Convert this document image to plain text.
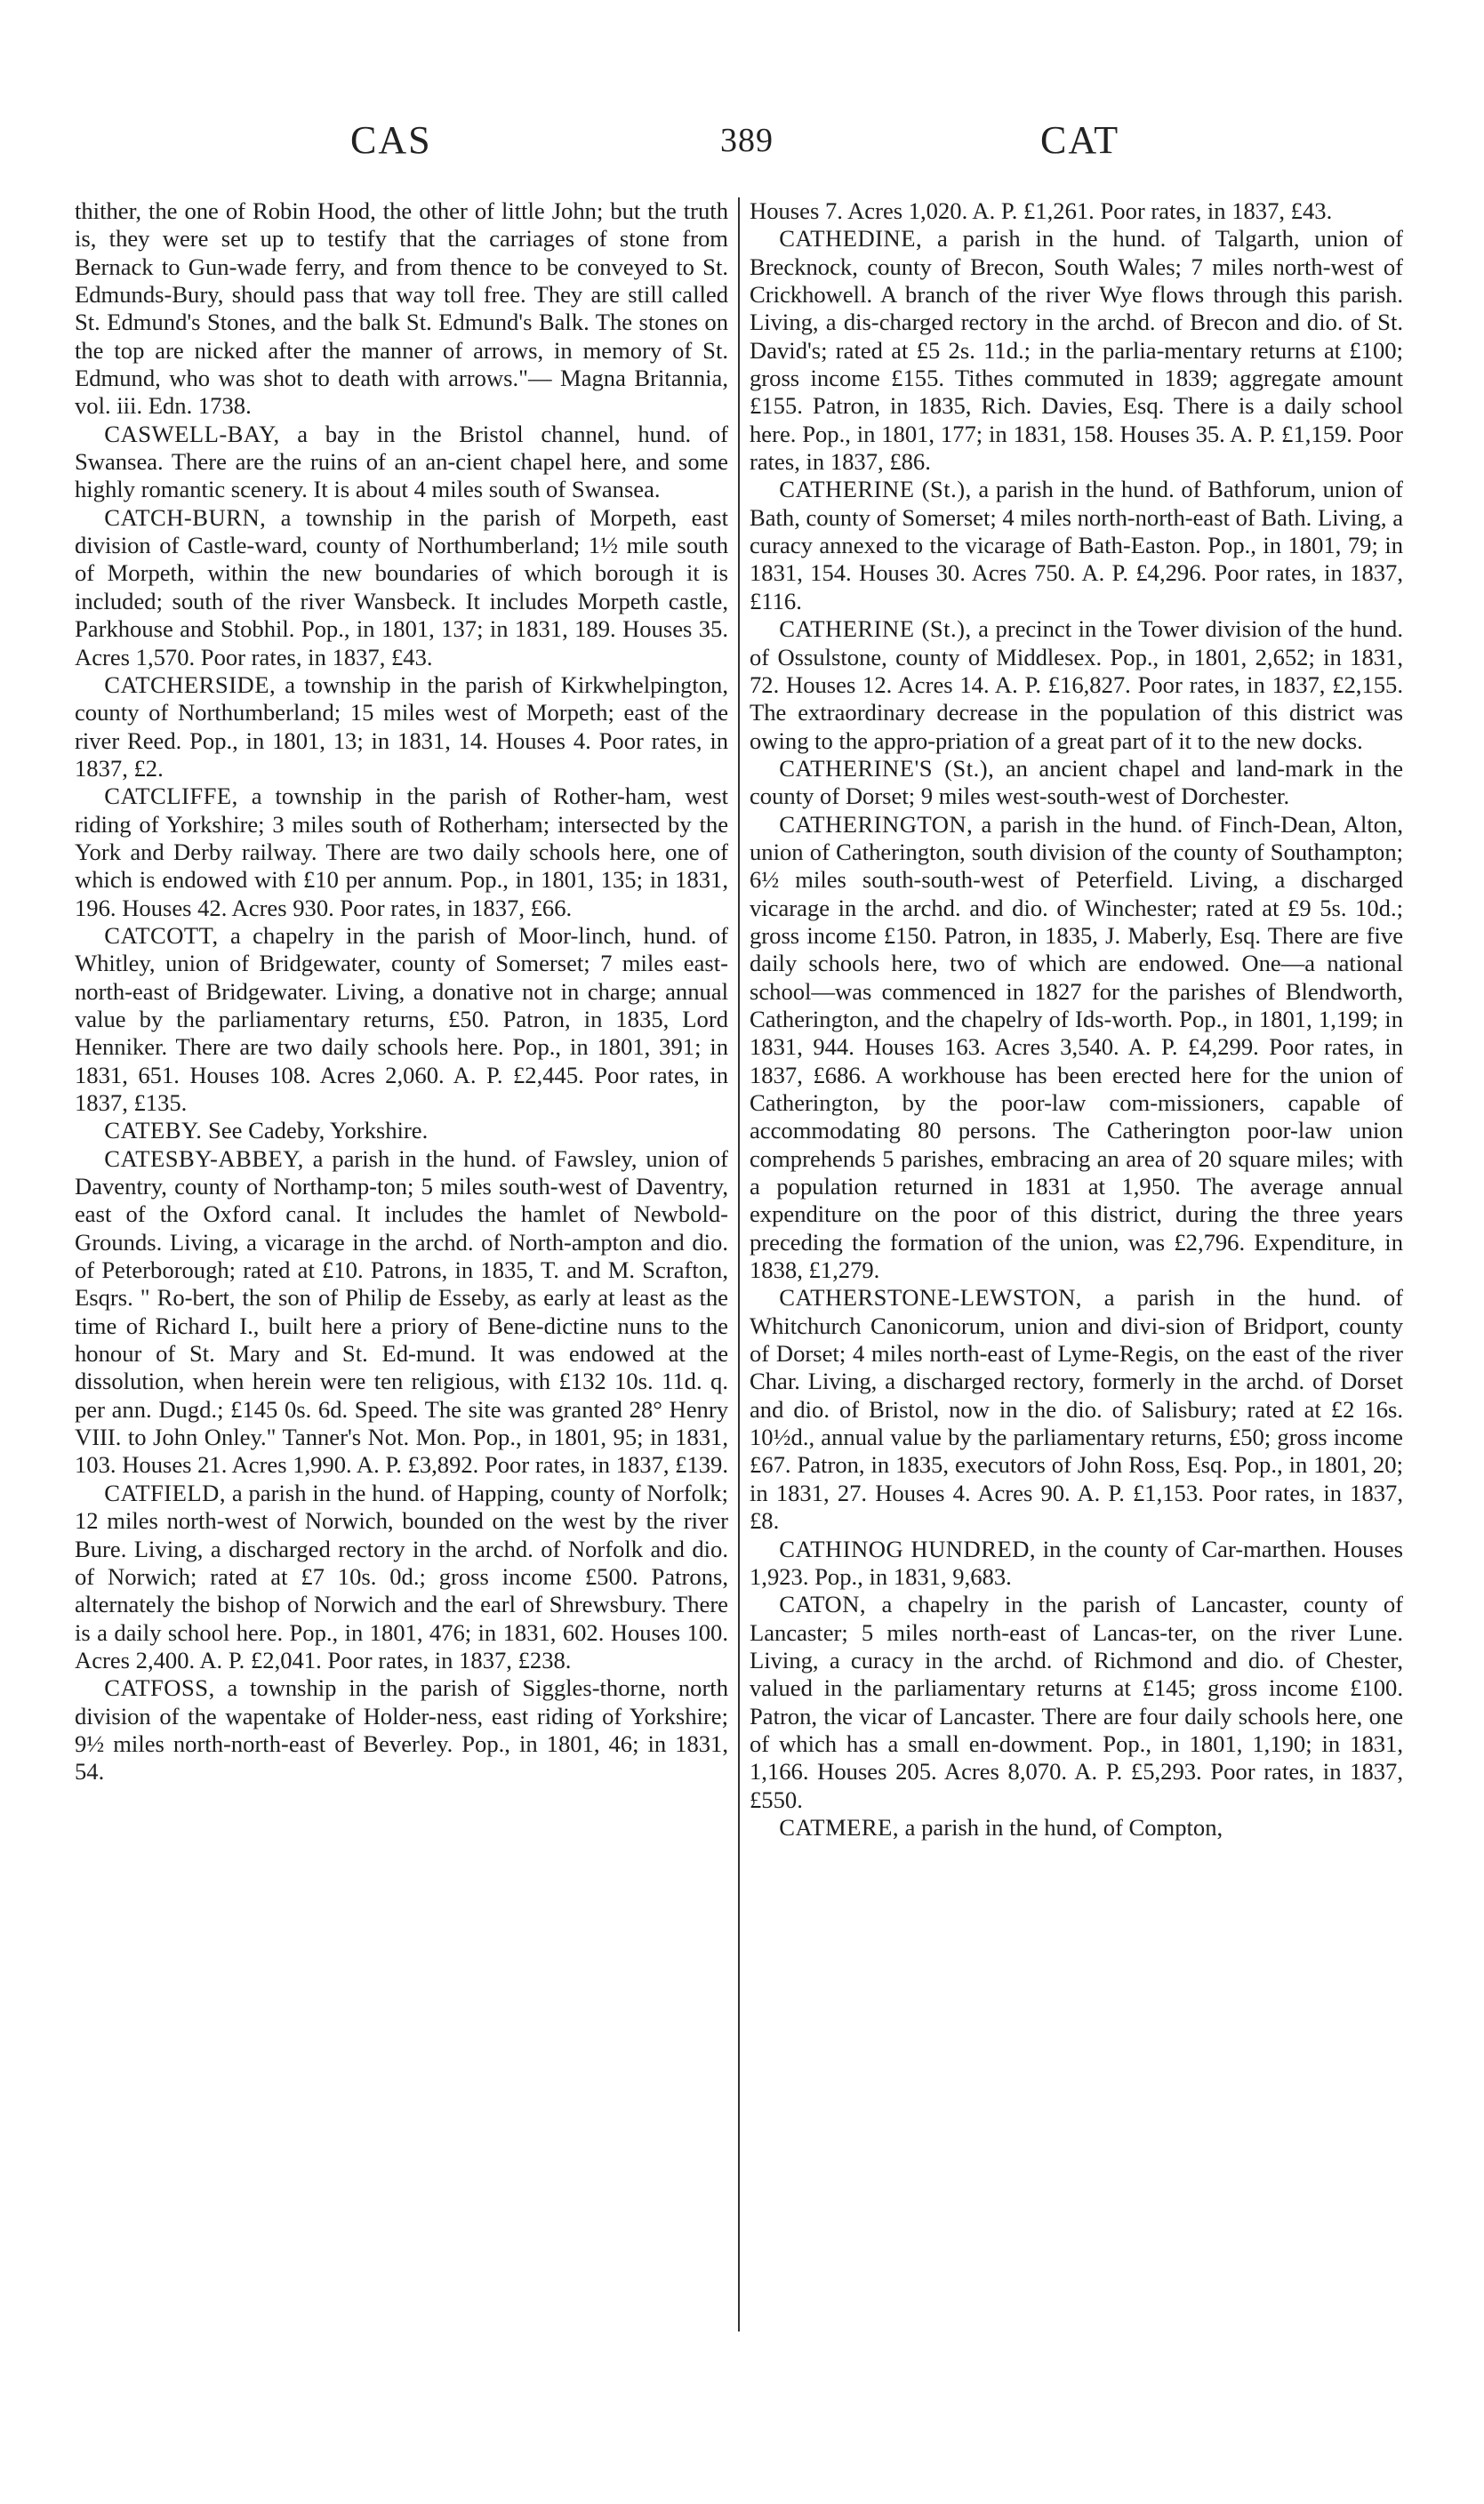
CAS	389	CAT

thither, the one of Robin Hood, the other of little John; but the truth is, they were set up to testify that the carriages of stone from Bernack to Gun-wade ferry, and from thence to be conveyed to St. Edmunds-Bury, should pass that way toll free. They are still called St. Edmund's Stones, and the balk St. Edmund's Balk. The stones on the top are nicked after the manner of arrows, in memory of St. Edmund, who was shot to death with arrows."— Magna Britannia, vol. iii. Edn. 1738.

CASWELL-BAY, a bay in the Bristol channel, hund. of Swansea. There are the ruins of an an-cient chapel here, and some highly romantic scenery. It is about 4 miles south of Swansea.

CATCH-BURN, a township in the parish of Morpeth, east division of Castle-ward, county of Northumberland; 1½ mile south of Morpeth, within the new boundaries of which borough it is included; south of the river Wansbeck. It includes Morpeth castle, Parkhouse and Stobhil. Pop., in 1801, 137; in 1831, 189. Houses 35. Acres 1,570. Poor rates, in 1837, £43.

CATCHERSIDE, a township in the parish of Kirkwhelpington, county of Northumberland; 15 miles west of Morpeth; east of the river Reed. Pop., in 1801, 13; in 1831, 14. Houses 4. Poor rates, in 1837, £2.

CATCLIFFE, a township in the parish of Rother-ham, west riding of Yorkshire; 3 miles south of Rotherham; intersected by the York and Derby railway. There are two daily schools here, one of which is endowed with £10 per annum. Pop., in 1801, 135; in 1831, 196. Houses 42. Acres 930. Poor rates, in 1837, £66.

CATCOTT, a chapelry in the parish of Moor-linch, hund. of Whitley, union of Bridgewater, county of Somerset; 7 miles east-north-east of Bridgewater. Living, a donative not in charge; annual value by the parliamentary returns, £50. Patron, in 1835, Lord Henniker. There are two daily schools here. Pop., in 1801, 391; in 1831, 651. Houses 108. Acres 2,060. A. P. £2,445. Poor rates, in 1837, £135.

CATEBY. See Cadeby, Yorkshire.

CATESBY-ABBEY, a parish in the hund. of Fawsley, union of Daventry, county of Northamp-ton; 5 miles south-west of Daventry, east of the Oxford canal. It includes the hamlet of Newbold-Grounds. Living, a vicarage in the archd. of North-ampton and dio. of Peterborough; rated at £10. Patrons, in 1835, T. and M. Scrafton, Esqrs. " Ro-bert, the son of Philip de Esseby, as early at least as the time of Richard I., built here a priory of Bene-dictine nuns to the honour of St. Mary and St. Ed-mund. It was endowed at the dissolution, when herein were ten religious, with £132 10s. 11d. q. per ann. Dugd.; £145 0s. 6d. Speed. The site was granted 28° Henry VIII. to John Onley." Tanner's Not. Mon. Pop., in 1801, 95; in 1831, 103. Houses 21. Acres 1,990. A. P. £3,892. Poor rates, in 1837, £139.

CATFIELD, a parish in the hund. of Happing, county of Norfolk; 12 miles north-west of Norwich, bounded on the west by the river Bure. Living, a discharged rectory in the archd. of Norfolk and dio. of Norwich; rated at £7 10s. 0d.; gross income £500. Patrons, alternately the bishop of Norwich and the earl of Shrewsbury. There is a daily school here. Pop., in 1801, 476; in 1831, 602. Houses 100. Acres 2,400. A. P. £2,041. Poor rates, in 1837, £238.

CATFOSS, a township in the parish of Siggles-thorne, north division of the wapentake of Holder-ness, east riding of Yorkshire; 9½ miles north-north-east of Beverley. Pop., in 1801, 46; in 1831, 54.

Houses 7. Acres 1,020. A. P. £1,261. Poor rates, in 1837, £43.

CATHEDINE, a parish in the hund. of Talgarth, union of Brecknock, county of Brecon, South Wales; 7 miles north-west of Crickhowell. A branch of the river Wye flows through this parish. Living, a dis-charged rectory in the archd. of Brecon and dio. of St. David's; rated at £5 2s. 11d.; in the parlia-mentary returns at £100; gross income £155. Tithes commuted in 1839; aggregate amount £155. Patron, in 1835, Rich. Davies, Esq. There is a daily school here. Pop., in 1801, 177; in 1831, 158. Houses 35. A. P. £1,159. Poor rates, in 1837, £86.

CATHERINE (St.), a parish in the hund. of Bathforum, union of Bath, county of Somerset; 4 miles north-north-east of Bath. Living, a curacy annexed to the vicarage of Bath-Easton. Pop., in 1801, 79; in 1831, 154. Houses 30. Acres 750. A. P. £4,296. Poor rates, in 1837, £116.

CATHERINE (St.), a precinct in the Tower division of the hund. of Ossulstone, county of Middlesex. Pop., in 1801, 2,652; in 1831, 72. Houses 12. Acres 14. A. P. £16,827. Poor rates, in 1837, £2,155. The extraordinary decrease in the population of this district was owing to the appro-priation of a great part of it to the new docks.

CATHERINE'S (St.), an ancient chapel and land-mark in the county of Dorset; 9 miles west-south-west of Dorchester.

CATHERINGTON, a parish in the hund. of Finch-Dean, Alton, union of Catherington, south division of the county of Southampton; 6½ miles south-south-west of Peterfield. Living, a discharged vicarage in the archd. and dio. of Winchester; rated at £9 5s. 10d.; gross income £150. Patron, in 1835, J. Maberly, Esq. There are five daily schools here, two of which are endowed. One—a national school—was commenced in 1827 for the parishes of Blendworth, Catherington, and the chapelry of Ids-worth. Pop., in 1801, 1,199; in 1831, 944. Houses 163. Acres 3,540. A. P. £4,299. Poor rates, in 1837, £686. A workhouse has been erected here for the union of Catherington, by the poor-law com-missioners, capable of accommodating 80 persons. The Catherington poor-law union comprehends 5 parishes, embracing an area of 20 square miles; with a population returned in 1831 at 1,950. The average annual expenditure on the poor of this district, during the three years preceding the formation of the union, was £2,796. Expenditure, in 1838, £1,279.

CATHERSTONE-LEWSTON, a parish in the hund. of Whitchurch Canonicorum, union and divi-sion of Bridport, county of Dorset; 4 miles north-east of Lyme-Regis, on the east of the river Char. Living, a discharged rectory, formerly in the archd. of Dorset and dio. of Bristol, now in the dio. of Salisbury; rated at £2 16s. 10½d., annual value by the parliamentary returns, £50; gross income £67. Patron, in 1835, executors of John Ross, Esq. Pop., in 1801, 20; in 1831, 27. Houses 4. Acres 90. A. P. £1,153. Poor rates, in 1837, £8.

CATHINOG HUNDRED, in the county of Car-marthen. Houses 1,923. Pop., in 1831, 9,683.

CATON, a chapelry in the parish of Lancaster, county of Lancaster; 5 miles north-east of Lancas-ter, on the river Lune. Living, a curacy in the archd. of Richmond and dio. of Chester, valued in the parliamentary returns at £145; gross income £100. Patron, the vicar of Lancaster. There are four daily schools here, one of which has a small en-dowment. Pop., in 1801, 1,190; in 1831, 1,166. Houses 205. Acres 8,070. A. P. £5,293. Poor rates, in 1837, £550.

CATMERE, a parish in the hund, of Compton,
